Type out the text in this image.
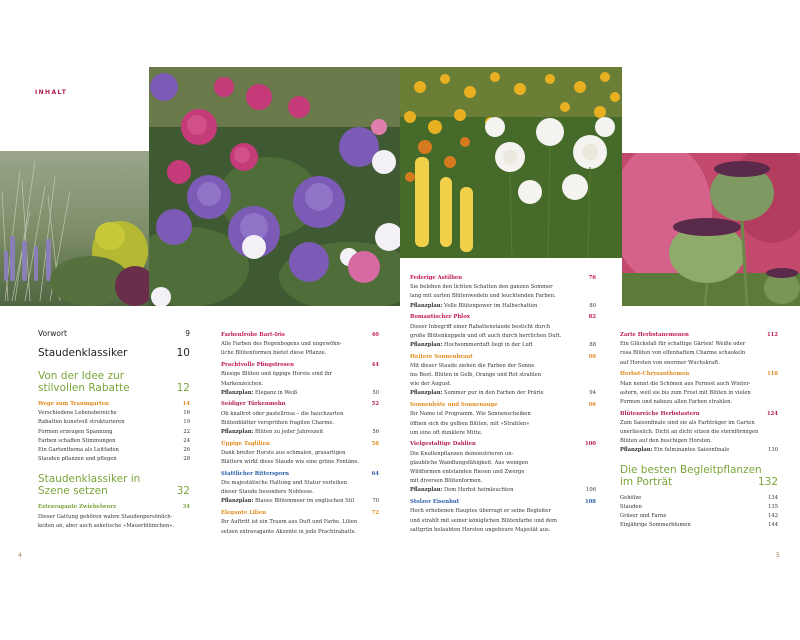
INHALT
4	5
Vorwort	9
Staudenklassiker	10
Von der Idee zur
stilvollen Rabatte	12
Wege zum Traumgarten	14
Verschiedene Lebensbereiche	16
Rabatten kunstvoll strukturieren	19
Formen erzeugen Spannung	22
Farben schaffen Stimmungen	24
Ein Gartenthema als Leitfaden	26
Stauden pflanzen und pflegen	28
Staudenklassiker in
Szene setzen	32
Extravagante Zwiebelwurz	34
Dieser Gattung gehören wahre Staudenpersönlich-
keiten an, aber auch asketische »Mauerblümchen«.
Farbenfrohe Bart-Iris	40
Alle Farben des Regenbogens und ungewöhn-
liche Blütenformen bietet diese Pflanze.
Prachtvolle Pfingstrosen	44
Riesige Blüten und üppige Horste sind ihr
Markenzeichen.
Pflanzplan: Eleganz in Weiß	50
Seidiger Türkenmohn	52
Ob knallrot oder pastellrosa – die hauchzarten
Blütenblätter versprühen fragilen Charme.
Pflanzplan: Blüten zu jeder Jahreszeit	56
Üppige Taglilien	58
Dank breiter Horste aus schmalen, grasartigen
Blättern wirkt diese Staude wie eine grüne Fontäne.
Stattlicher Rittersporn	64
Die majestätische Haltung und Statur verleihen
dieser Staude besondere Noblesse.
Pflanzplan: Blaues Blütenmeer im englischen Stil	70
Elegante Lilien	72
Ihr Auftritt ist ein Traum aus Duft und Farbe. Lilien
setzen extravagante Akzente in jede Prachtrabatte.
Federige Astilben	76
Sie beleben den lichten Schatten den ganzen Sommer
lang mit zarten Blütenwedeln und leuchtenden Farben.
Pflanzplan: Volle Blütenpower im Halbschatten	80
Romantischer Phlox	82
Dieser Inbegriff einer Rabattenstaude besticht durch
große Blütenkuppeln und oft auch durch herrlichen Duft.
Pflanzplan: Hochsommerduft liegt in der Luft	88
Heitere Sonnenbraut	90
Mit dieser Staude ziehen die Farben der Sonne
ins Beet. Blüten in Gelb, Orange und Rot strahlen
wie der August.
Pflanzplan: Sommer pur in den Farben der Prärie	94
Sonnenhüte und Sonnenauge	96
Ihr Name ist Programm. Wie Sonnenscheiben
öffnen sich die gelben Blüten, mit »Strahlen«
um eine oft dunklere Mitte.
Vielgestaltige Dahlien	100
Die Knollenpflanzen demonstrieren un-
glaubliche Wandlungsfähigkeit. Aus wenigen
Wildformen entstanden Riesen und Zwerge
mit diversen Blütenformen.
Pflanzplan: Dem Herbst heimleuchten	106
Stolzer Eisenhut	108
Hoch erhobenen Hauptes überragt er seine Begleiter
und strahlt mit seiner königlichen Blütenfarbe und dem
sattgrün belaubten Horsten ungeheure Majestät aus.
Zarte Herbstanemonen	112
Ein Glücksfall für schattige Gärten! Weiße oder
rosa Blüten von elfenhaftem Charme schaukeln
auf Horsten von enormer Wuchskraft.
Herbst-Chrysanthemen	118
Man nennt die Schönen aus Fernost auch Winter-
astern, weil sie bis zum Frost mit Blüten in vielen
Formen und nahezu allen Farben strahlen.
Blütenreiche Herbstastern	124
Zum Saisonfinale sind sie als Farbträger im Garten
unerlässlich. Dicht an dicht sitzen die sternförmigen
Blüten auf den buschigen Horsten.
Pflanzplan: Ein fulminantes Saisonfinale	130
Die besten Begleitpflanzen
im Porträt	132
Gehölze	134
Stauden	135
Gräser und Farne	142
Einjährige Sommerblumen	144
